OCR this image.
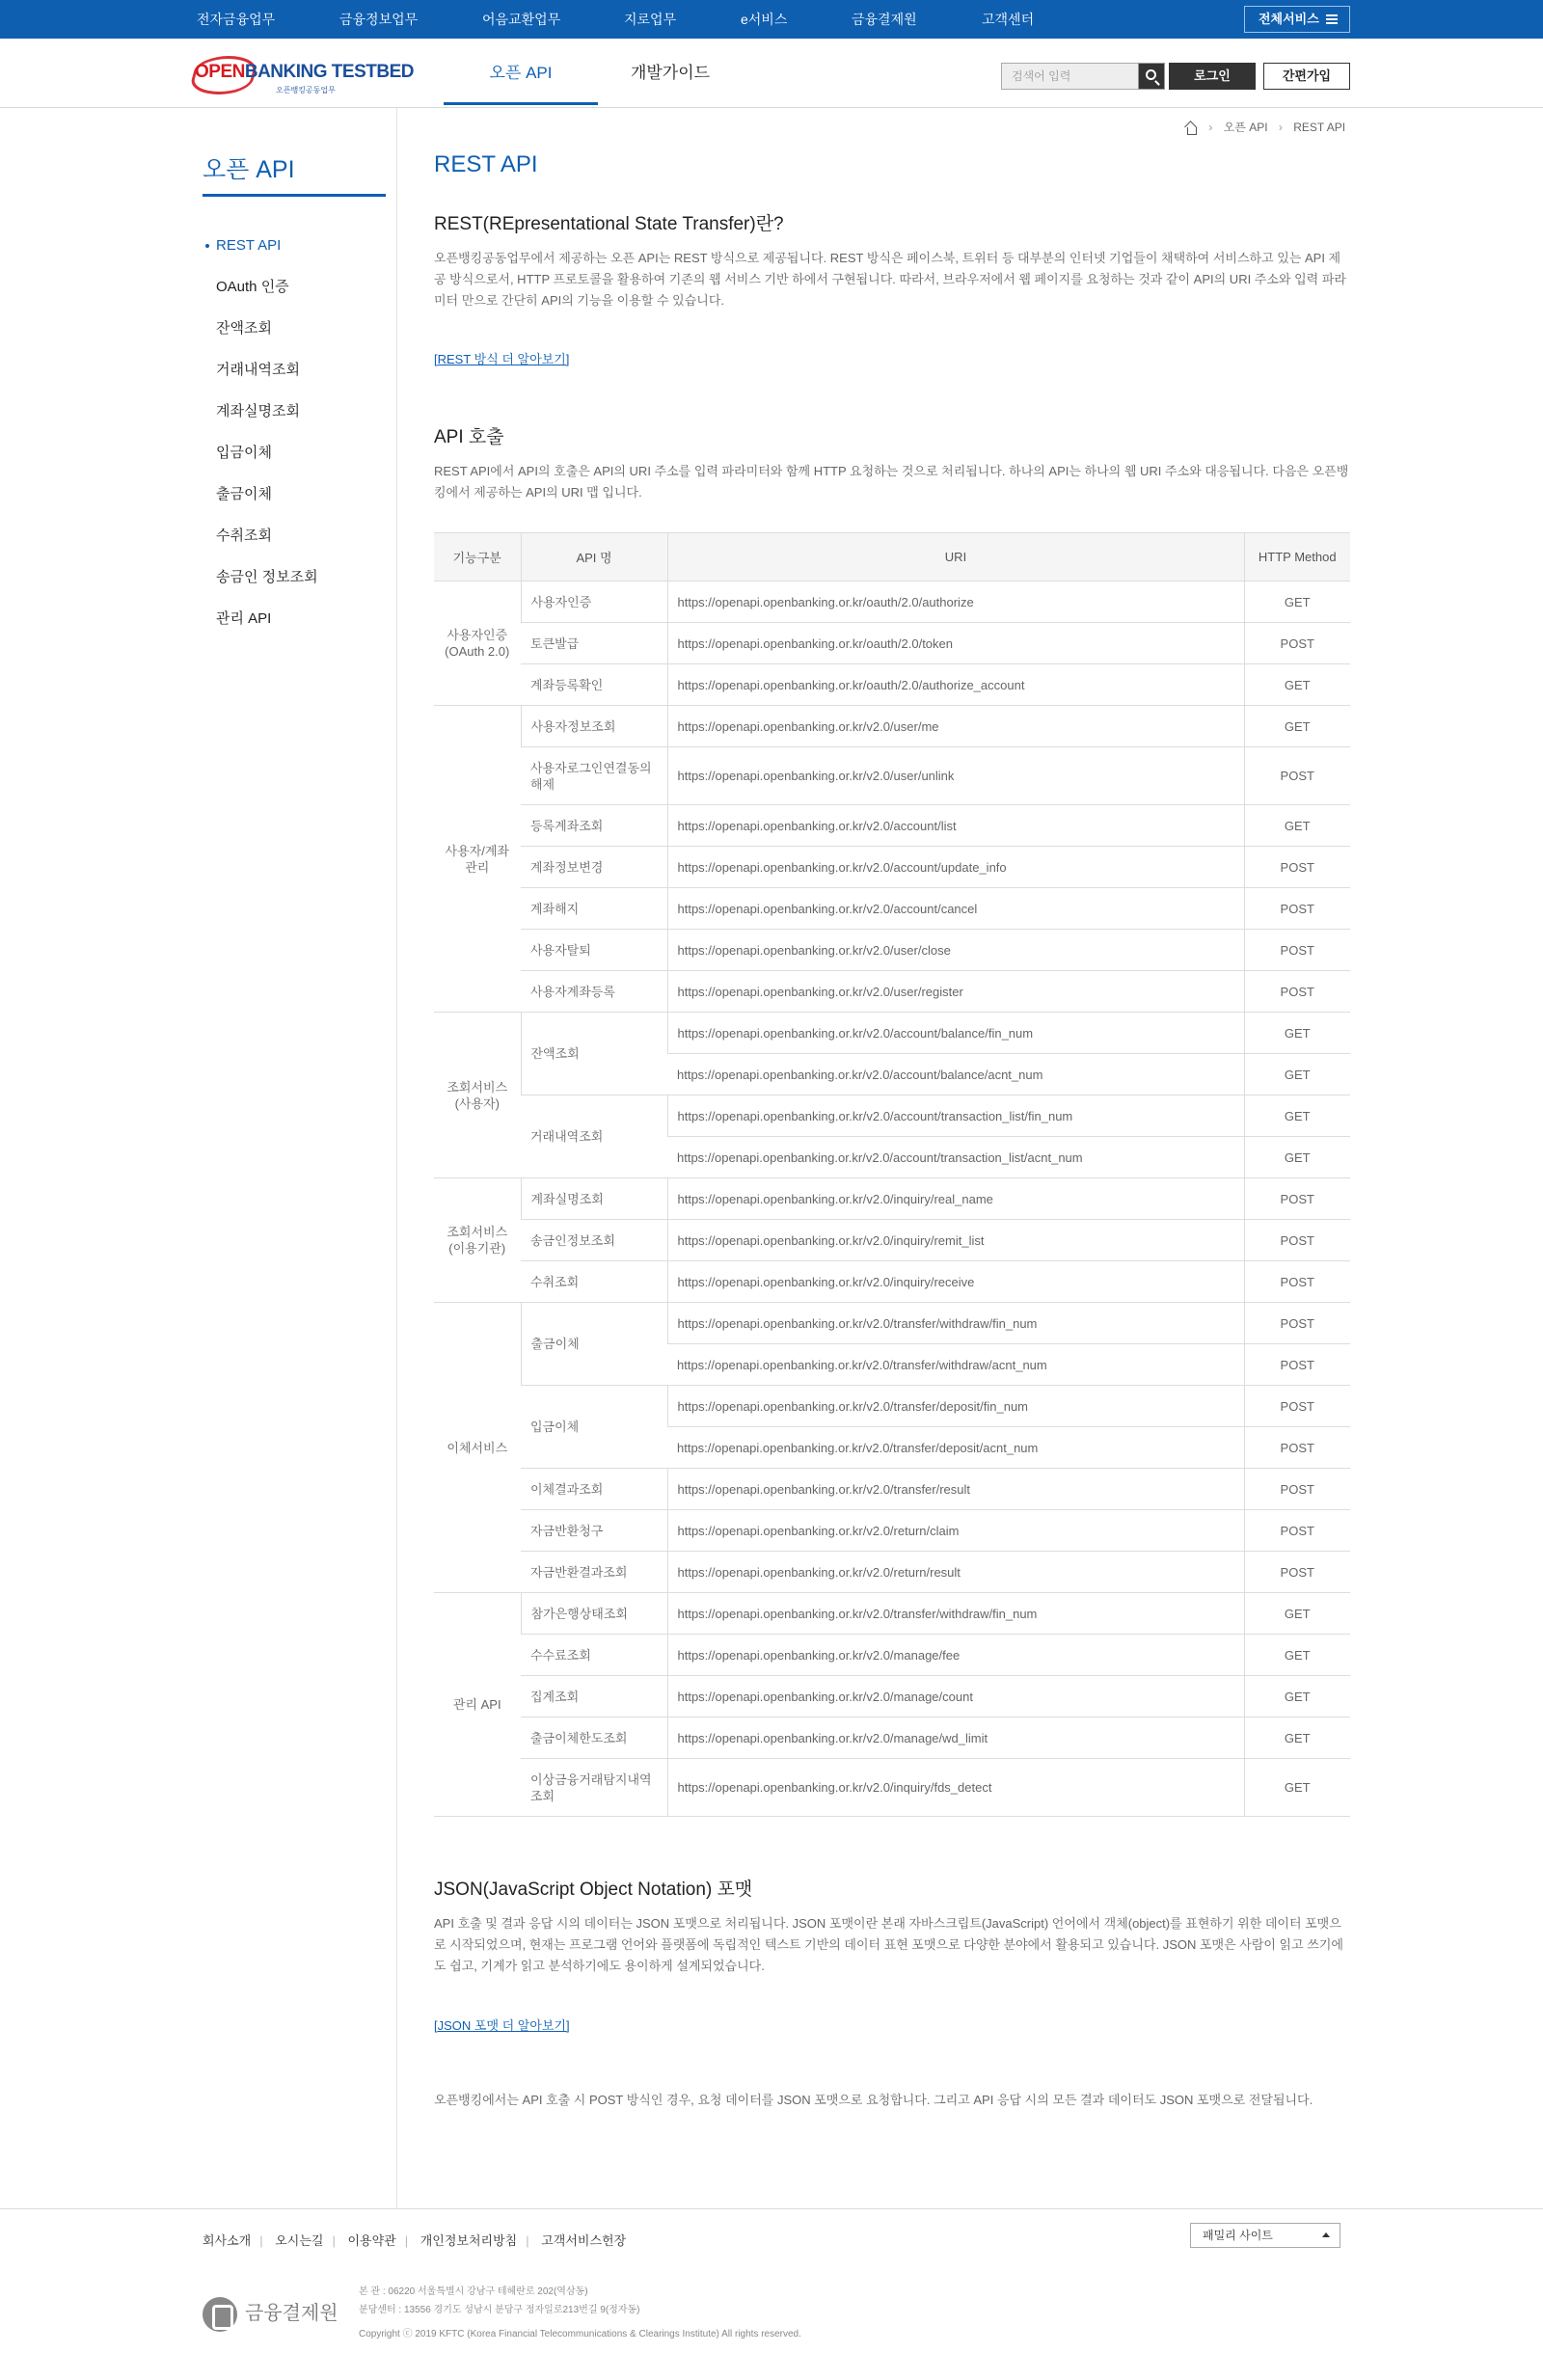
전자금융업무	금융정보업무	어음교환업무	지로업무	e서비스	금융결제원	고객센터	전체서비스
OPENBANKING TESTBED
오픈뱅킹공동업무
오픈 API	개발가이드	검색어 입력	로그인	간편가입
› 오픈 API › REST API
오픈 API
REST API
OAuth 인증
잔액조회
거래내역조회
계좌실명조회
입금이체
출금이체
수취조회
송금인 정보조회
관리 API
REST API
REST(REpresentational State Transfer)란?
오픈뱅킹공동업무에서 제공하는 오픈 API는 REST 방식으로 제공됩니다. REST 방식은 페이스북, 트위터 등 대부분의 인터넷 기업들이 채택하여 서비스하고 있는 API 제공 방식으로서, HTTP 프로토콜을 활용하여 기존의 웹 서비스 기반 하에서 구현됩니다. 따라서, 브라우저에서 웹 페이지를 요청하는 것과 같이 API의 URI 주소와 입력 파라미터 만으로 간단히 API의 기능을 이용할 수 있습니다.
[REST 방식 더 알아보기]
API 호출
REST API에서 API의 호출은 API의 URI 주소를 입력 파라미터와 함께 HTTP 요청하는 것으로 처리됩니다. 하나의 API는 하나의 웹 URI 주소와 대응됩니다. 다음은 오픈뱅킹에서 제공하는 API의 URI 맵 입니다.
기능구분	API 명	URI	HTTP Method
사용자인증
(OAuth 2.0)	사용자인증	https://openapi.openbanking.or.kr/oauth/2.0/authorize	GET
	토큰발급	https://openapi.openbanking.or.kr/oauth/2.0/token	POST
	계좌등록확인	https://openapi.openbanking.or.kr/oauth/2.0/authorize_account	GET
사용자/계좌
관리	사용자정보조회	https://openapi.openbanking.or.kr/v2.0/user/me	GET
	사용자로그인연결동의해제	https://openapi.openbanking.or.kr/v2.0/user/unlink	POST
	등록계좌조회	https://openapi.openbanking.or.kr/v2.0/account/list	GET
	계좌정보변경	https://openapi.openbanking.or.kr/v2.0/account/update_info	POST
	계좌해지	https://openapi.openbanking.or.kr/v2.0/account/cancel	POST
	사용자탈퇴	https://openapi.openbanking.or.kr/v2.0/user/close	POST
	사용자계좌등록	https://openapi.openbanking.or.kr/v2.0/user/register	POST
조회서비스
(사용자)	잔액조회	https://openapi.openbanking.or.kr/v2.0/account/balance/fin_num	GET
		https://openapi.openbanking.or.kr/v2.0/account/balance/acnt_num	GET
	거래내역조회	https://openapi.openbanking.or.kr/v2.0/account/transaction_list/fin_num	GET
		https://openapi.openbanking.or.kr/v2.0/account/transaction_list/acnt_num	GET
조회서비스
(이용기관)	계좌실명조회	https://openapi.openbanking.or.kr/v2.0/inquiry/real_name	POST
	송금인정보조회	https://openapi.openbanking.or.kr/v2.0/inquiry/remit_list	POST
	수취조회	https://openapi.openbanking.or.kr/v2.0/inquiry/receive	POST
이체서비스	출금이체	https://openapi.openbanking.or.kr/v2.0/transfer/withdraw/fin_num	POST
		https://openapi.openbanking.or.kr/v2.0/transfer/withdraw/acnt_num	POST
	입금이체	https://openapi.openbanking.or.kr/v2.0/transfer/deposit/fin_num	POST
		https://openapi.openbanking.or.kr/v2.0/transfer/deposit/acnt_num	POST
	이체결과조회	https://openapi.openbanking.or.kr/v2.0/transfer/result	POST
	자금반환청구	https://openapi.openbanking.or.kr/v2.0/return/claim	POST
	자금반환결과조회	https://openapi.openbanking.or.kr/v2.0/return/result	POST
관리 API	참가은행상태조회	https://openapi.openbanking.or.kr/v2.0/transfer/withdraw/fin_num	GET
	수수료조회	https://openapi.openbanking.or.kr/v2.0/manage/fee	GET
	집계조회	https://openapi.openbanking.or.kr/v2.0/manage/count	GET
	출금이체한도조회	https://openapi.openbanking.or.kr/v2.0/manage/wd_limit	GET
	이상금융거래탐지내역조회	https://openapi.openbanking.or.kr/v2.0/inquiry/fds_detect	GET
JSON(JavaScript Object Notation) 포맷
API 호출 및 결과 응답 시의 데이터는 JSON 포맷으로 처리됩니다. JSON 포맷이란 본래 자바스크립트(JavaScript) 언어에서 객체(object)를 표현하기 위한 데이터 포맷으로 시작되었으며, 현재는 프로그램 언어와 플랫폼에 독립적인 텍스트 기반의 데이터 표현 포맷으로 다양한 분야에서 활용되고 있습니다. JSON 포맷은 사람이 읽고 쓰기에도 쉽고, 기계가 읽고 분석하기에도 용이하게 설계되었습니다.
[JSON 포맷 더 알아보기]
오픈뱅킹에서는 API 호출 시 POST 방식인 경우, 요청 데이터를 JSON 포맷으로 요청합니다. 그리고 API 응답 시의 모든 결과 데이터도 JSON 포맷으로 전달됩니다.
회사소개 | 오시는길 | 이용약관 | 개인정보처리방침 | 고객서비스헌장	패밀리 사이트
금융결제원
본 관 : 06220 서울특별시 강남구 테헤란로 202(역삼동)
분당센터 : 13556 경기도 성남시 분당구 정자일로213번길 9(정자동)
Copyright ⓒ 2019 KFTC (Korea Financial Telecommunications & Clearings Institute) All rights reserved.
